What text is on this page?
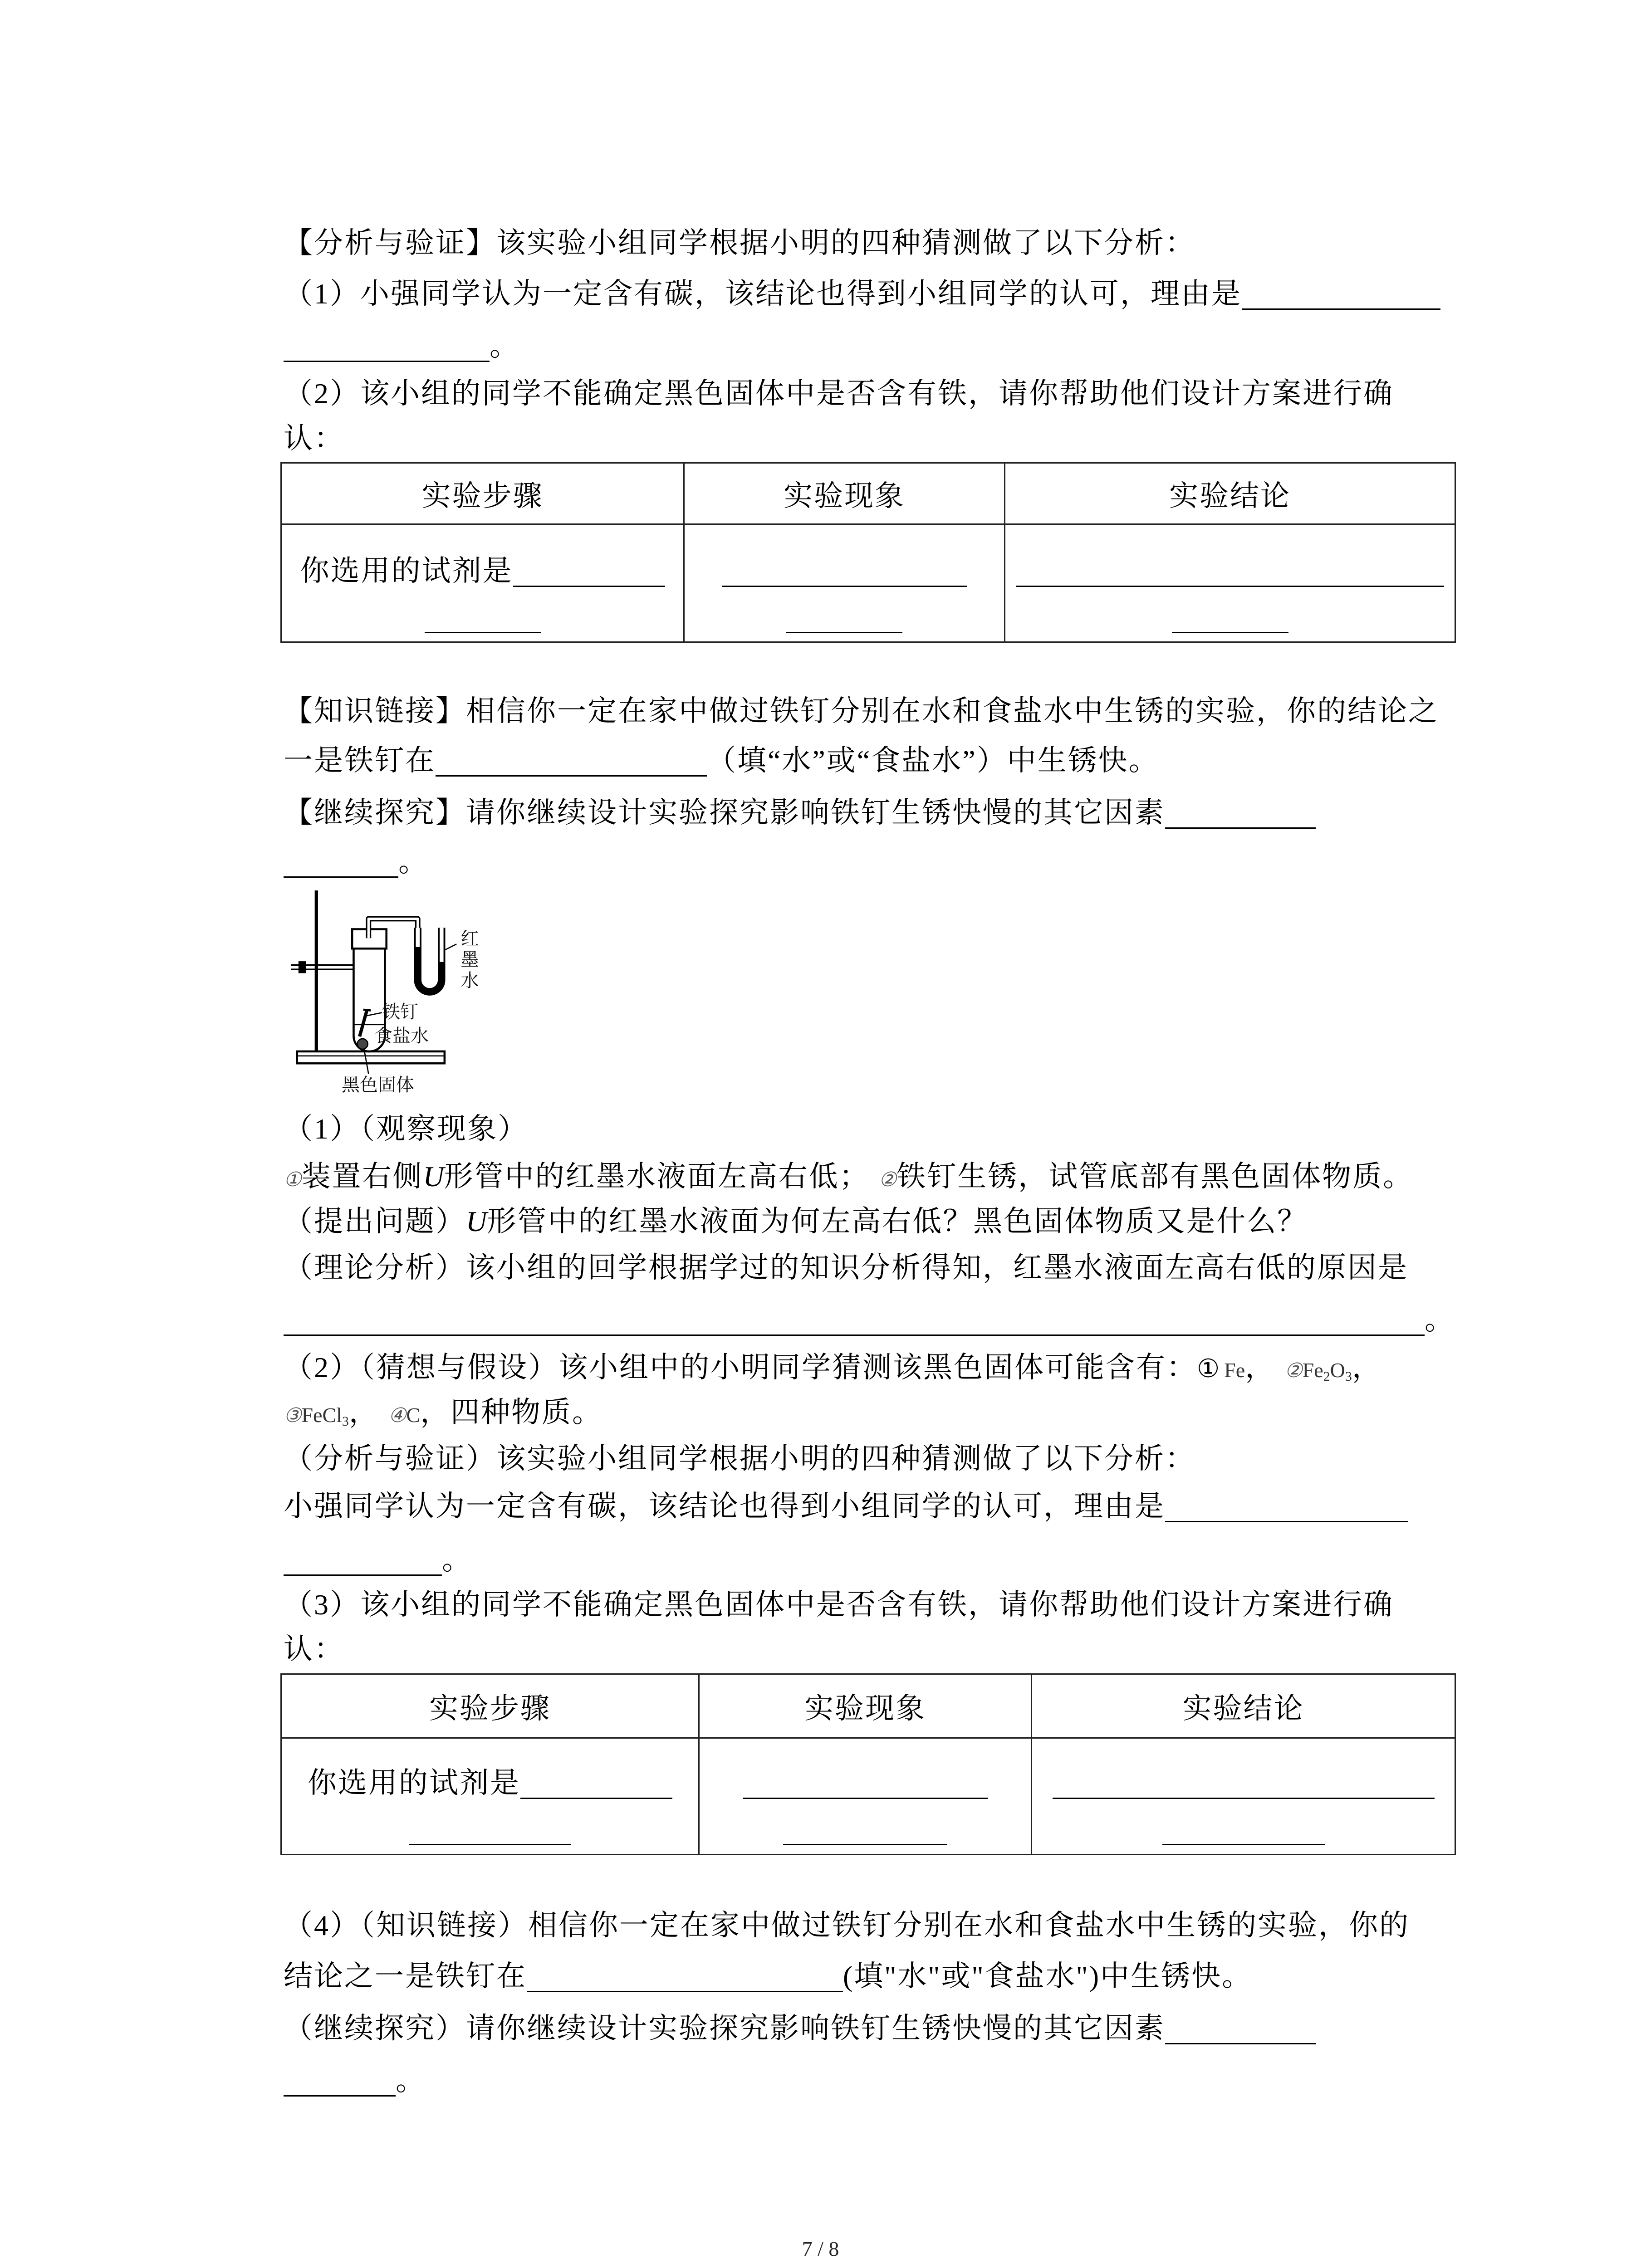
【分析与验证】该实验小组同学根据小明的四种猜测做了以下分析：
（1）小强同学认为一定含有碳，该结论也得到小组同学的认可，理由是
。
（2）该小组的同学不能确定黑色固体中是否含有铁，请你帮助他们设计方案进行确
认：
实验步骤	实验现象	实验结论

你选用的试剂是		

【知识链接】相信你一定在家中做过铁钉分别在水和食盐水中生锈的实验，你的结论之
一是铁钉在	（填“水”或“食盐水”）中生锈快。
【继续探究】请你继续设计实验探究影响铁钉生锈快慢的其它因素
。
红墨水
铁钉
食盐水
黑色固体
（1）（观察现象）
①装置右侧U形管中的红墨水液面左高右低； ②铁钉生锈，试管底部有黑色固体物质。
（提出问题）U形管中的红墨水液面为何左高右低？黑色固体物质又是什么？
（理论分析）该小组的回学根据学过的知识分析得知，红墨水液面左高右低的原因是
。
（2）（猜想与假设）该小组中的小明同学猜测该黑色固体可能含有：① Fe， $②Fe_2O_3$，
③FeCl$_3$， ④C，四种物质。
（分析与验证）该实验小组同学根据小明的四种猜测做了以下分析：
小强同学认为一定含有碳，该结论也得到小组同学的认可，理由是
。
（3）该小组的同学不能确定黑色固体中是否含有铁，请你帮助他们设计方案进行确
认：
实验步骤	实验现象	实验结论

你选用的试剂是		

（4）（知识链接）相信你一定在家中做过铁钉分别在水和食盐水中生锈的实验，你的
结论之一是铁钉在	(填"水"或"食盐水")中生锈快。
（继续探究）请你继续设计实验探究影响铁钉生锈快慢的其它因素
。
7 / 8
